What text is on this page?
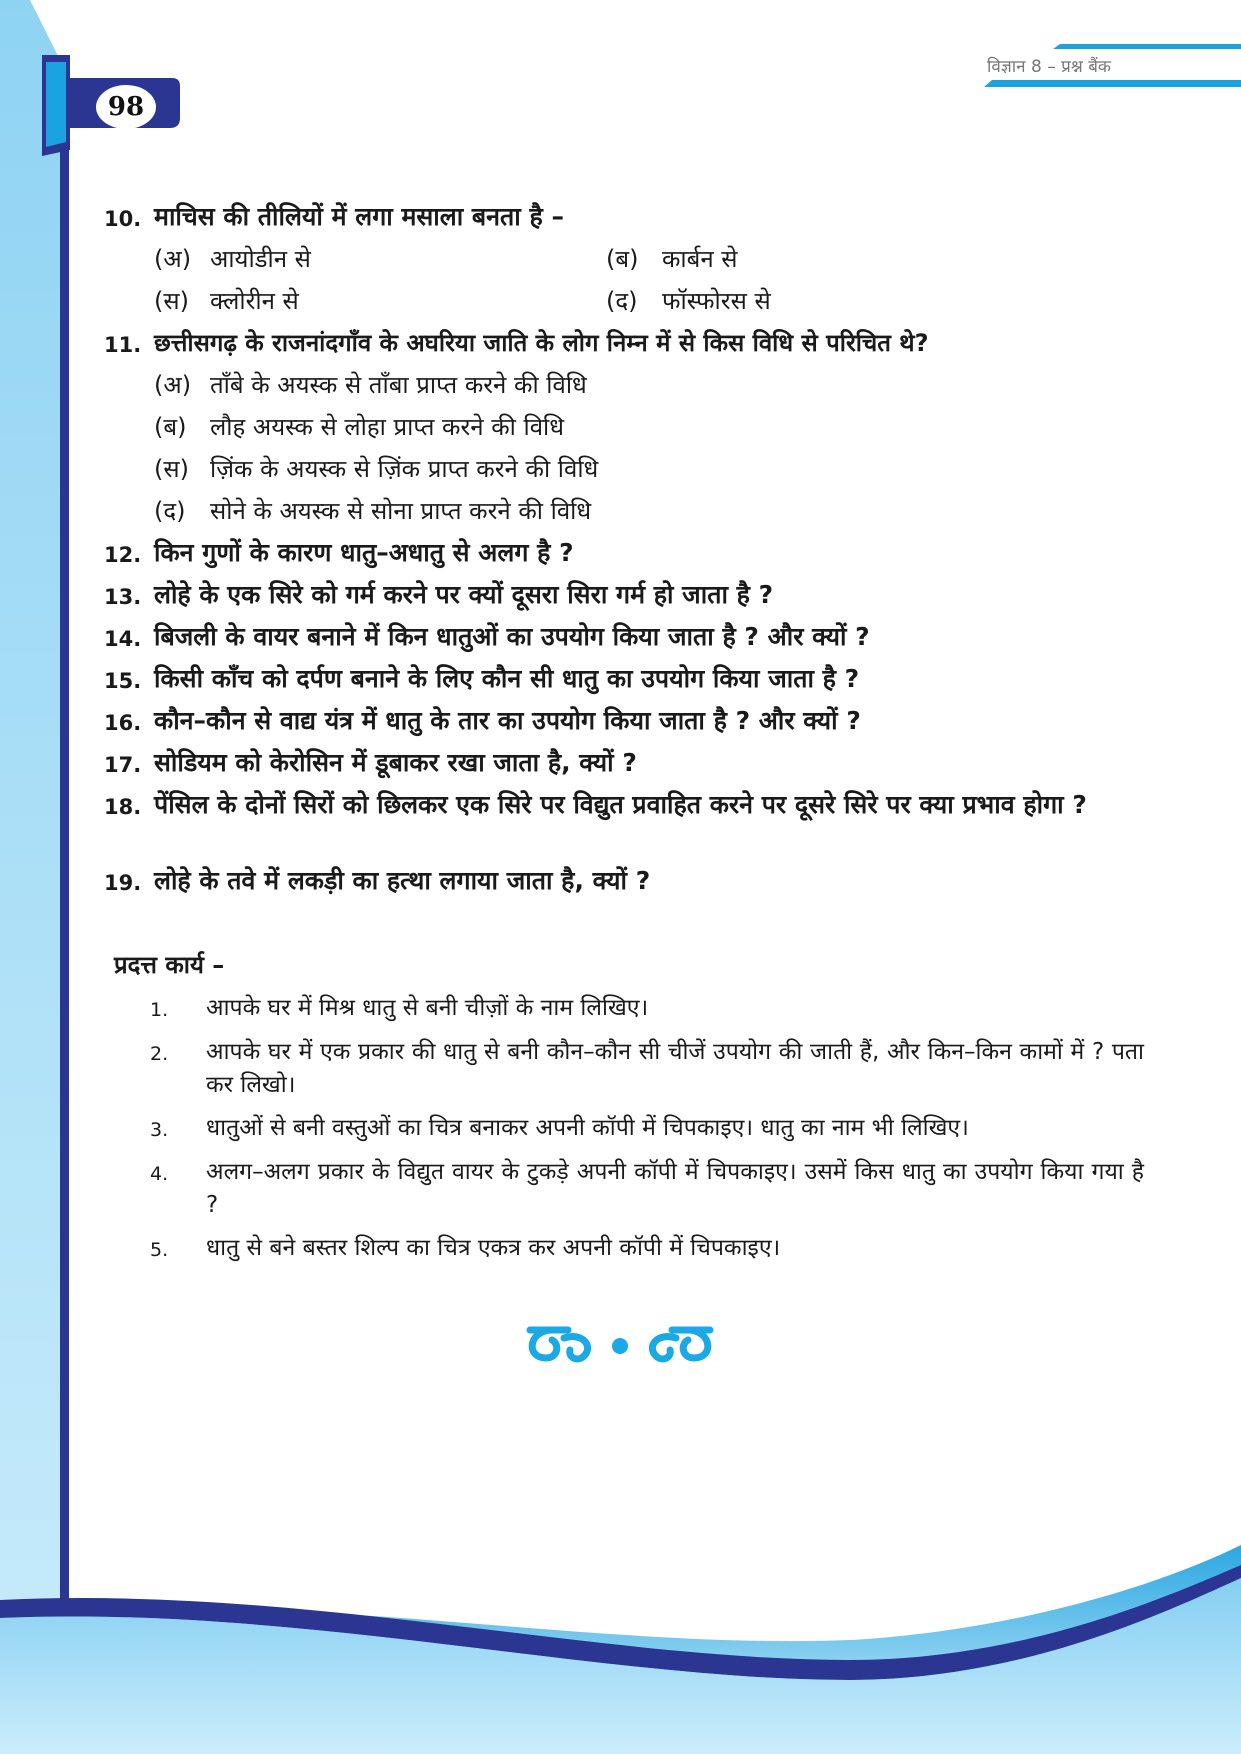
विज्ञान 8 – प्रश्न बैंक
98
10. माचिस की तीलियों में लगा मसाला बनता है –
(अ) आयोडीन से	(ब) कार्बन से
(स) क्लोरीन से	(द) फॉस्फोरस से
11. छत्तीसगढ़ के राजनांदगाँव के अघरिया जाति के लोग निम्न में से किस विधि से परिचित थे?
(अ) ताँबे के अयस्क से ताँबा प्राप्त करने की विधि
(ब) लौह अयस्क से लोहा प्राप्त करने की विधि
(स) ज़िंक के अयस्क से ज़िंक प्राप्त करने की विधि
(द) सोने के अयस्क से सोना प्राप्त करने की विधि
12. किन गुणों के कारण धातु–अधातु से अलग है ?
13. लोहे के एक सिरे को गर्म करने पर क्यों दूसरा सिरा गर्म हो जाता है ?
14. बिजली के वायर बनाने में किन धातुओं का उपयोग किया जाता है ? और क्यों ?
15. किसी काँच को दर्पण बनाने के लिए कौन सी धातु का उपयोग किया जाता है ?
16. कौन–कौन से वाद्य यंत्र में धातु के तार का उपयोग किया जाता है ? और क्यों ?
17. सोडियम को केरोसिन में डूबाकर रखा जाता है, क्यों ?
18. पेंसिल के दोनों सिरों को छिलकर एक सिरे पर विद्युत प्रवाहित करने पर दूसरे सिरे पर क्या प्रभाव होगा ?
19. लोहे के तवे में लकड़ी का हत्था लगाया जाता है, क्यों ?
प्रदत्त कार्य –
1. आपके घर में मिश्र धातु से बनी चीज़ों के नाम लिखिए।
2. आपके घर में एक प्रकार की धातु से बनी कौन–कौन सी चीजें उपयोग की जाती हैं, और किन–किन कामों में ? पता कर लिखो।
3. धातुओं से बनी वस्तुओं का चित्र बनाकर अपनी कॉपी में चिपकाइए। धातु का नाम भी लिखिए।
4. अलग–अलग प्रकार के विद्युत वायर के टुकड़े अपनी कॉपी में चिपकाइए। उसमें किस धातु का उपयोग किया गया है ?
5. धातु से बने बस्तर शिल्प का चित्र एकत्र कर अपनी कॉपी में चिपकाइए।
